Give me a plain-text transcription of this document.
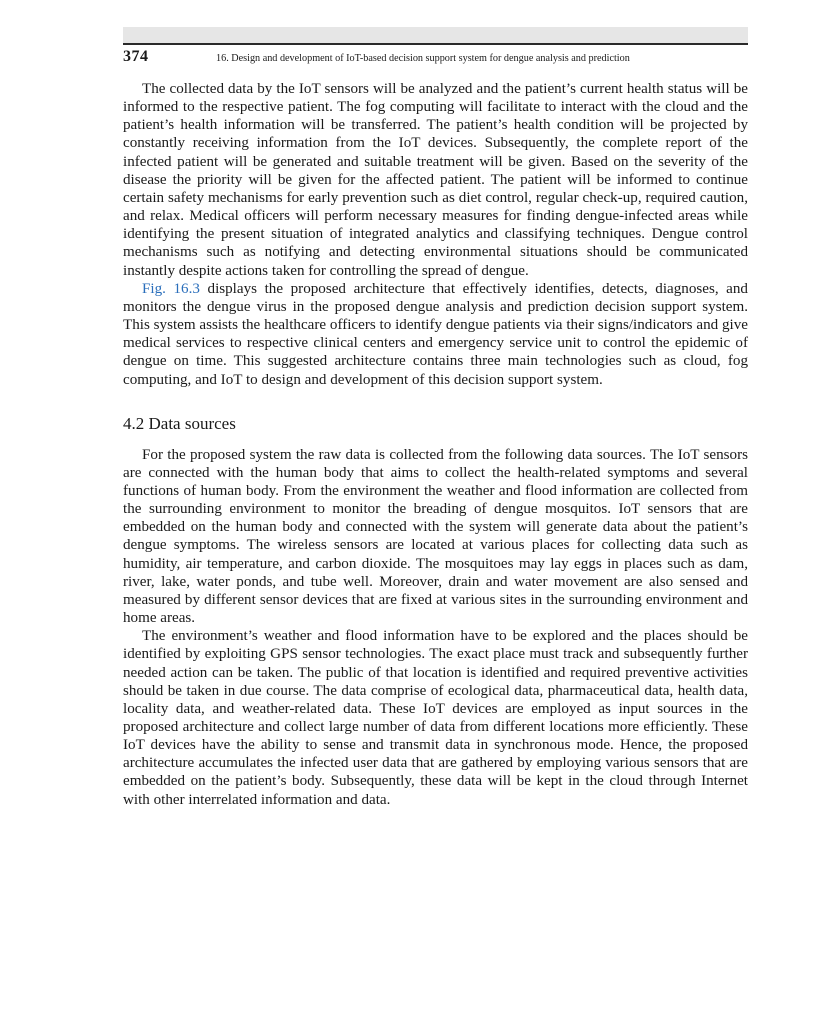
374	16. Design and development of IoT-based decision support system for dengue analysis and prediction

The collected data by the IoT sensors will be analyzed and the patient’s current health status will be informed to the respective patient. The fog computing will facilitate to interact with the cloud and the patient’s health information will be transferred. The patient’s health condition will be projected by constantly receiving information from the IoT devices. Subsequently, the complete report of the infected patient will be generated and suitable treatment will be given. Based on the severity of the disease the priority will be given for the affected patient. The patient will be informed to continue certain safety mechanisms for early prevention such as diet control, regular check-up, required caution, and relax. Medical officers will perform necessary measures for finding dengue-infected areas while identifying the present situation of integrated analytics and classifying techniques. Dengue control mechanisms such as notifying and detecting environmental situations should be communicated instantly despite actions taken for controlling the spread of dengue.

Fig. 16.3 displays the proposed architecture that effectively identifies, detects, diagnoses, and monitors the dengue virus in the proposed dengue analysis and prediction decision support system. This system assists the healthcare officers to identify dengue patients via their signs/indicators and give medical services to respective clinical centers and emergency service unit to control the epidemic of dengue on time. This suggested architecture contains three main technologies such as cloud, fog computing, and IoT to design and development of this decision support system.

4.2 Data sources

For the proposed system the raw data is collected from the following data sources. The IoT sensors are connected with the human body that aims to collect the health-related symptoms and several functions of human body. From the environment the weather and flood information are collected from the surrounding environment to monitor the breading of dengue mosquitos. IoT sensors that are embedded on the human body and connected with the system will generate data about the patient’s dengue symptoms. The wireless sensors are located at various places for collecting data such as humidity, air temperature, and carbon dioxide. The mosquitoes may lay eggs in places such as dam, river, lake, water ponds, and tube well. Moreover, drain and water movement are also sensed and measured by different sensor devices that are fixed at various sites in the surrounding environment and home areas.

The environment’s weather and flood information have to be explored and the places should be identified by exploiting GPS sensor technologies. The exact place must track and subsequently further needed action can be taken. The public of that location is identified and required preventive activities should be taken in due course. The data comprise of ecological data, pharmaceutical data, health data, locality data, and weather-related data. These IoT devices are employed as input sources in the proposed architecture and collect large number of data from different locations more efficiently. These IoT devices have the ability to sense and transmit data in synchronous mode. Hence, the proposed architecture accumulates the infected user data that are gathered by employing various sensors that are embedded on the patient’s body. Subsequently, these data will be kept in the cloud through Internet with other interrelated information and data.
